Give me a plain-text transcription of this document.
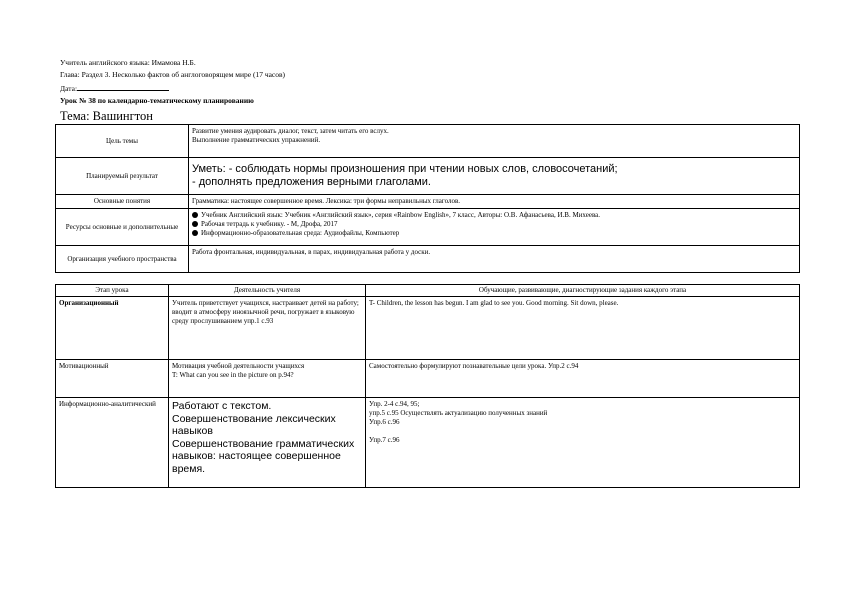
Учитель английского языка: Имамова Н.Б.
Глава: Раздел 3. Несколько фактов об англоговорящем мире (17 часов)
Дата:
Урок № 38 по календарно-тематическому планированию
Тема: Вашингтон
Цель темы	Развитие умения аудировать диалог, текст, затем читать его вслух.
Выполнение грамматических упражнений.

Планируемый результат	Уметь: - соблюдать нормы произношения при чтении новых слов, словосочетаний;
- дополнять предложения верными глаголами.

Основные понятия	Грамматика: настоящее совершенное время. Лексика: три формы неправильных глаголов.
Ресурсы основные и дополнительные	Учебник Английский язык: Учебник «Английский язык», серия «Rainbow English», 7 класс, Авторы: О.В. Афанасьева, И.В. Михеева.
Рабочая тетрадь к учебнику. - М, Дрофа, 2017
Информационно-образовательная среда: Аудиофайлы, Компьютер

Организация учебного пространства	Работа фронтальная, индивидуальная, в парах, индивидуальная работа у доски.
Этап урока	Деятельность учителя	Обучающие, развивающие, диагностирующие задания каждого этапа
Организационный	Учитель приветствует учащихся, настраивает детей на работу; вводит в атмосферу иноязычной речи, погружает в языковую среду прослушиванием упр.1 с.93	T- Children, the lesson has begun. I am glad to see you. Good morning. Sit down, please.
Мотивационный	Мотивация учебной деятельности учащихся
T: What can you see in the picture on p.94?	Самостоятельно формулируют познавательные цели урока. Упр.2 с.94
Информационно-аналитический	Работают с текстом.
Совершенствование лексических навыков
Совершенствование грамматических навыков: настоящее совершенное время.	Упр. 2-4 с.94, 95;
упр.5 с.95 Осуществлять актуализацию полученных знаний
Упр.6 с.96
Упр.7 с.96
